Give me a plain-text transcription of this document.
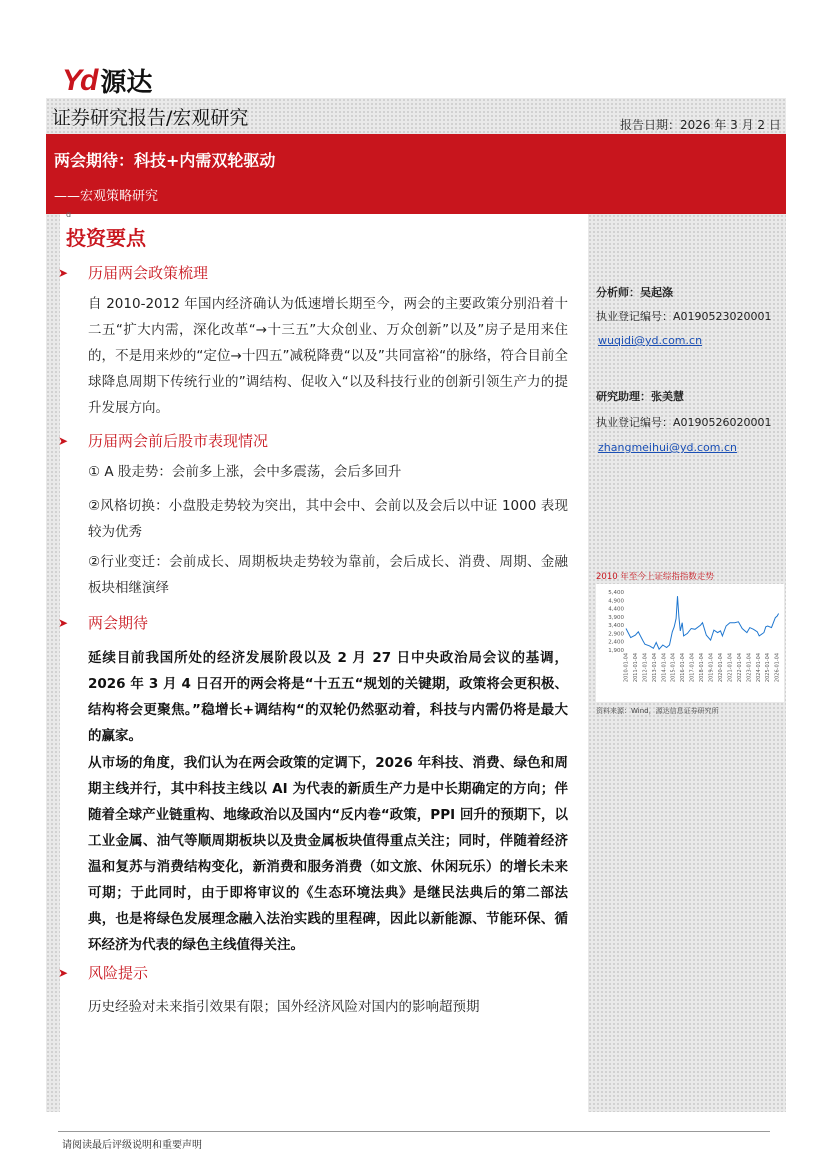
Yd 源达
证券研究报告/宏观研究	报告日期：2026 年 3 月 2 日
两会期待：科技+内需双轮驱动
——宏观策略研究
ɑ
投资要点
➤	历届两会政策梳理
自 2010-2012 年国内经济确认为低速增长期至今，两会的主要政策分别沿着十二五“扩大内需，深化改革“→十三五”大众创业、万众创新”以及”房子是用来住的，不是用来炒的“定位→十四五”减税降费“以及”共同富裕“的脉络，符合目前全球降息周期下传统行业的”调结构、促收入“以及科技行业的创新引领生产力的提升发展方向。
➤	历届两会前后股市表现情况
① A 股走势：会前多上涨，会中多震荡，会后多回升
②风格切换：小盘股走势较为突出，其中会中、会前以及会后以中证 1000 表现较为优秀
②行业变迁：会前成长、周期板块走势较为靠前，会后成长、消费、周期、金融板块相继演绎
➤	两会期待
延续目前我国所处的经济发展阶段以及 2 月 27 日中央政治局会议的基调，2026 年 3 月 4 日召开的两会将是“十五五“规划的关键期，政策将会更积极、结构将会更聚焦。”稳增长+调结构“的双轮仍然驱动着，科技与内需仍将是最大的赢家。
从市场的角度，我们认为在两会政策的定调下，2026 年科技、消费、绿色和周期主线并行，其中科技主线以 AI 为代表的新质生产力是中长期确定的方向；伴随着全球产业链重构、地缘政治以及国内“反内卷“政策，PPI 回升的预期下，以工业金属、油气等顺周期板块以及贵金属板块值得重点关注；同时，伴随着经济温和复苏与消费结构变化，新消费和服务消费（如文旅、休闲玩乐）的增长未来可期；于此同时，由于即将审议的《生态环境法典》是继民法典后的第二部法典，也是将绿色发展理念融入法治实践的里程碑，因此以新能源、节能环保、循环经济为代表的绿色主线值得关注。
➤	风险提示
历史经验对未来指引效果有限；国外经济风险对国内的影响超预期
分析师：吴起涤
执业登记编号：A0190523020001
wuqidi@yd.com.cn
研究助理：张美慧
执业登记编号：A0190526020001
zhangmeihui@yd.com.cn
2010 年至今上证综指指数走势
5,400
4,900
4,400
3,900
3,400
2,900
2,400
1,900
2010-01-04 2011-01-04 2012-01-04 2013-01-04 2014-01-04 2015-01-04 2016-01-04 2017-01-04 2018-01-04 2019-01-04 2020-01-04 2021-01-04 2022-01-04 2023-01-04 2024-01-04 2025-01-04 2026-01-04
资料来源：Wind，源达信息证券研究所
请阅读最后评级说明和重要声明
